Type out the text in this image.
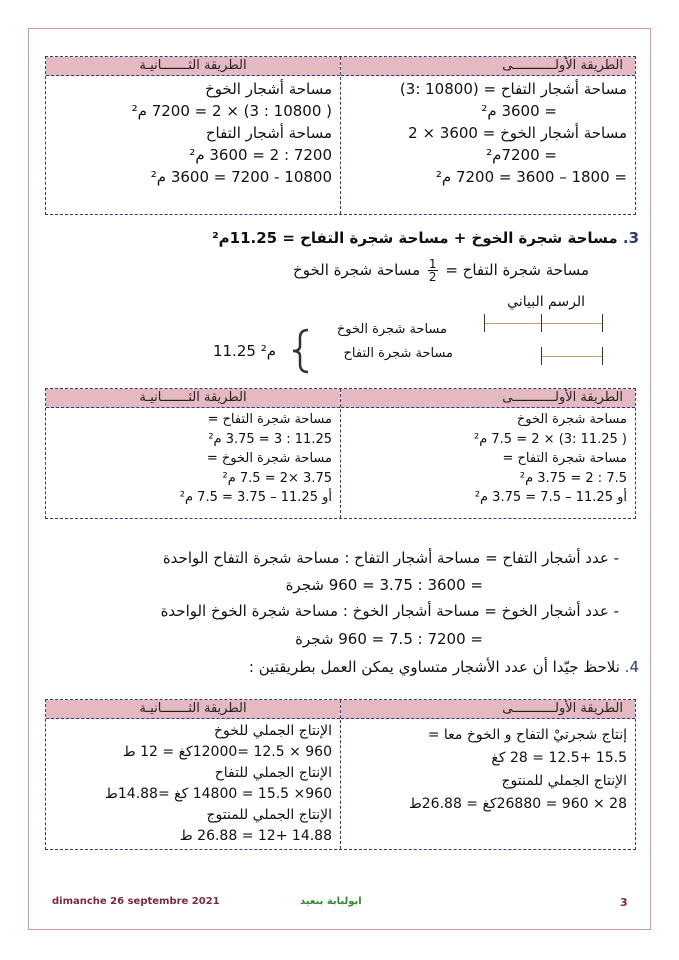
الطريقة الأولـــــــــــى
مساحة أشجار التفاح = (10800 :3)
= 3600 م²
مساحة أشجار الخوخ = 3600 × 2
= 7200م²
= 1800 – 3600 = 7200 م²
الطريقة الثـــــــانيـة
مساحة أشجار الخوخ
( 10800 : 3) × 2 = 7200 م²
مساحة أشجار التفاح
7200 : 2 = 3600 م²
10800 - 7200 = 3600 م²
3. مساحة شجرة الخوخ + مساحة شجرة التفاح = 11.25م²
مساحة شجرة التفاح =
$\frac{1}{2}$
مساحة شجرة الخوخ
الرسم البياني
مساحة شجرة الخوخ
مساحة شجرة التفاح
11.25 م²
الطريقة الأولـــــــــــى
مساحة شجرة الخوخ
( 11.25 :3) × 2 = 7.5 م²
مساحة شجرة التفاح =
7.5 : 2 = 3.75 م²
أو 11.25 – 7.5 = 3.75 م²
الطريقة الثـــــــانيـة
مساحة شجرة التفاح =
11.25 : 3 = 3.75 م²
مساحة شجرة الخوخ =
3.75 ×2 = 7.5 م²
أو 11.25 – 3.75 = 7.5 م²
- عدد أشجار التفاح = مساحة أشجار التفاح : مساحة شجرة التفاح الواحدة
= 3600 : 3.75 = 960 شجرة
- عدد أشجار الخوخ = مساحة أشجار الخوخ : مساحة شجرة الخوخ الواحدة
= 7200 : 7.5 = 960 شجرة
4. نلاحظ جيّدا أن عدد الأشجار متساوي يمكن العمل بطريقتين :
الطريقة الأولـــــــــــى
إنتاج شجرتيْ التفاح و الخوخ معا =
15.5 +12.5 = 28 كغ
الإنتاج الجملي للمنتوج
28 × 960 = 26880كغ = 26.88ط
الطريقة الثـــــــانيـة
الإنتاج الجملي للخوخ
960 × 12.5 =12000كغ = 12 ط
الإنتاج الجملي للتفاح
960× 15.5 = 14800 كغ =14.88ط
الإنتاج الجملي للمنتوج
14.88 +12 = 26.88 ط
dimanche 26 septembre 2021	ابولبابة بنعيد	3
